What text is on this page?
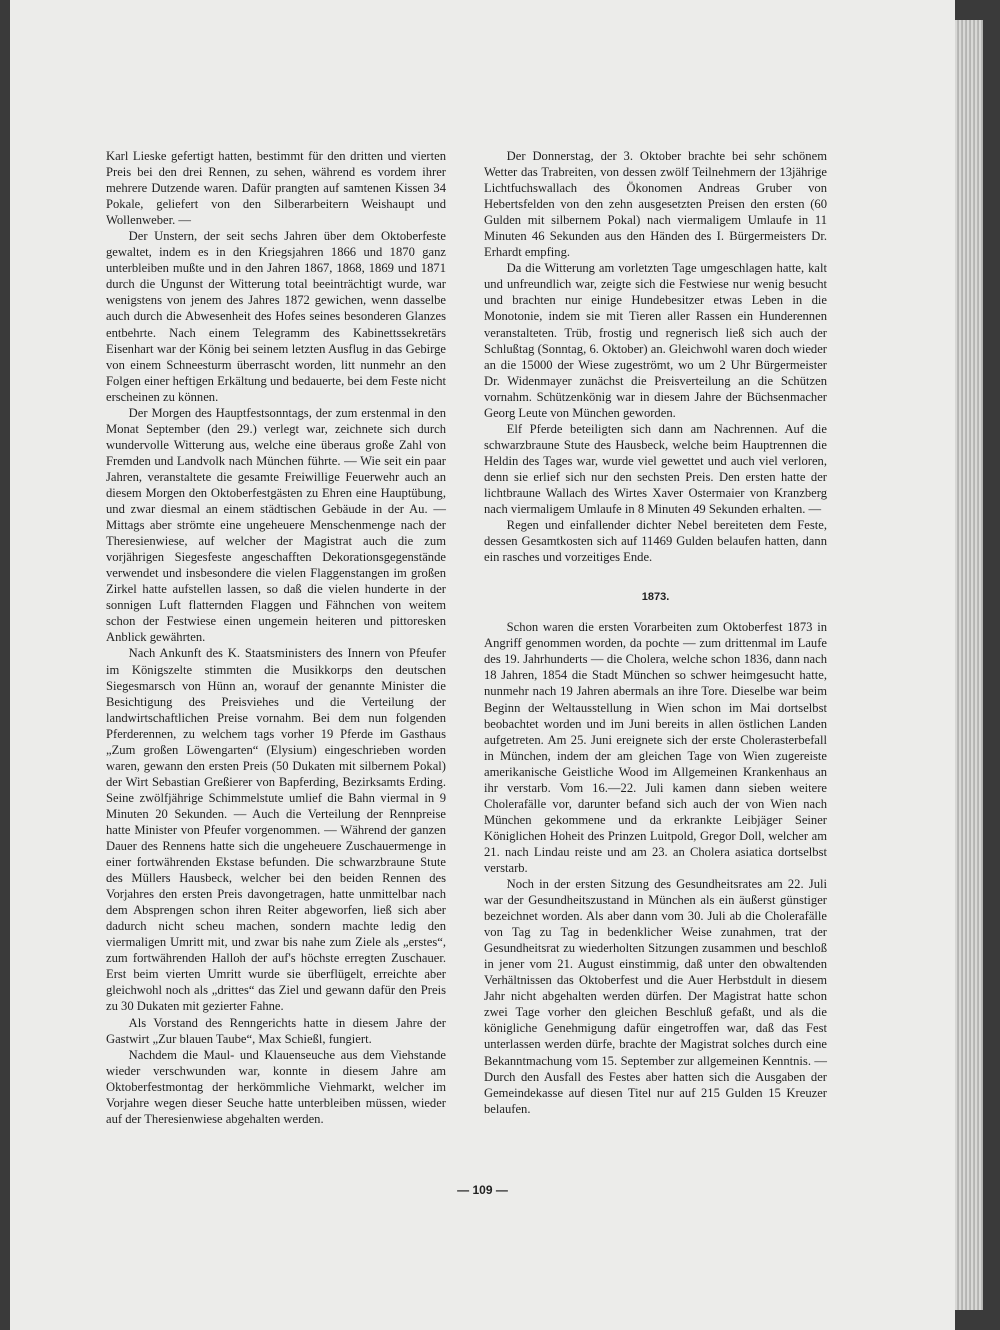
Karl Lieske gefertigt hatten, bestimmt für den dritten und vierten Preis bei den drei Rennen, zu sehen, während es vordem ihrer mehrere Dutzende waren. Dafür prangten auf samtenen Kissen 34 Pokale, geliefert von den Silberarbeitern Weishaupt und Wollenweber. —

Der Unstern, der seit sechs Jahren über dem Oktoberfeste gewaltet, indem es in den Kriegsjahren 1866 und 1870 ganz unterbleiben mußte und in den Jahren 1867, 1868, 1869 und 1871 durch die Ungunst der Witterung total beeinträchtigt wurde, war wenigstens von jenem des Jahres 1872 gewichen, wenn dasselbe auch durch die Abwesenheit des Hofes seines besonderen Glanzes entbehrte. Nach einem Telegramm des Kabinettssekretärs Eisenhart war der König bei seinem letzten Ausflug in das Gebirge von einem Schneesturm überrascht worden, litt nunmehr an den Folgen einer heftigen Erkältung und bedauerte, bei dem Feste nicht erscheinen zu können.

Der Morgen des Hauptfestsonntags, der zum erstenmal in den Monat September (den 29.) verlegt war, zeichnete sich durch wundervolle Witterung aus, welche eine überaus große Zahl von Fremden und Landvolk nach München führte. — Wie seit ein paar Jahren, veranstaltete die gesamte Freiwillige Feuerwehr auch an diesem Morgen den Oktoberfestgästen zu Ehren eine Hauptübung, und zwar diesmal an einem städtischen Gebäude in der Au. — Mittags aber strömte eine ungeheuere Menschenmenge nach der Theresienwiese, auf welcher der Magistrat auch die zum vorjährigen Siegesfeste angeschafften Dekorationsgegenstände verwendet und insbesondere die vielen Flaggenstangen im großen Zirkel hatte aufstellen lassen, so daß die vielen hunderte in der sonnigen Luft flatternden Flaggen und Fähnchen von weitem schon der Festwiese einen ungemein heiteren und pittoresken Anblick gewährten.

Nach Ankunft des K. Staatsministers des Innern von Pfeufer im Königszelte stimmten die Musikkorps den deutschen Siegesmarsch von Hünn an, worauf der genannte Minister die Besichtigung des Preisviehes und die Verteilung der landwirtschaftlichen Preise vornahm. Bei dem nun folgenden Pferderennen, zu welchem tags vorher 19 Pferde im Gasthaus „Zum großen Löwengarten“ (Elysium) eingeschrieben worden waren, gewann den ersten Preis (50 Dukaten mit silbernem Pokal) der Wirt Sebastian Greßierer von Bapferding, Bezirksamts Erding. Seine zwölfjährige Schimmelstute umlief die Bahn viermal in 9 Minuten 20 Sekunden. — Auch die Verteilung der Rennpreise hatte Minister von Pfeufer vorgenommen. — Während der ganzen Dauer des Rennens hatte sich die ungeheuere Zuschauermenge in einer fortwährenden Ekstase befunden. Die schwarzbraune Stute des Müllers Hausbeck, welcher bei den beiden Rennen des Vorjahres den ersten Preis davongetragen, hatte unmittelbar nach dem Absprengen schon ihren Reiter abgeworfen, ließ sich aber dadurch nicht scheu machen, sondern machte ledig den viermaligen Umritt mit, und zwar bis nahe zum Ziele als „erstes“, zum fortwährenden Halloh der auf's höchste erregten Zuschauer. Erst beim vierten Umritt wurde sie überflügelt, erreichte aber gleichwohl noch als „drittes“ das Ziel und gewann dafür den Preis zu 30 Dukaten mit gezierter Fahne.

Als Vorstand des Renngerichts hatte in diesem Jahre der Gastwirt „Zur blauen Taube“, Max Schießl, fungiert.

Nachdem die Maul- und Klauenseuche aus dem Viehstande wieder verschwunden war, konnte in diesem Jahre am Oktoberfestmontag der herkömmliche Viehmarkt, welcher im Vorjahre wegen dieser Seuche hatte unterbleiben müssen, wieder auf der Theresienwiese abgehalten werden.

Der Donnerstag, der 3. Oktober brachte bei sehr schönem Wetter das Trabreiten, von dessen zwölf Teilnehmern der 13jährige Lichtfuchswallach des Ökonomen Andreas Gruber von Hebertsfelden von den zehn ausgesetzten Preisen den ersten (60 Gulden mit silbernem Pokal) nach viermaligem Umlaufe in 11 Minuten 46 Sekunden aus den Händen des I. Bürgermeisters Dr. Erhardt empfing.

Da die Witterung am vorletzten Tage umgeschlagen hatte, kalt und unfreundlich war, zeigte sich die Festwiese nur wenig besucht und brachten nur einige Hundebesitzer etwas Leben in die Monotonie, indem sie mit Tieren aller Rassen ein Hunderennen veranstalteten. Trüb, frostig und regnerisch ließ sich auch der Schlußtag (Sonntag, 6. Oktober) an. Gleichwohl waren doch wieder an die 15000 der Wiese zugeströmt, wo um 2 Uhr Bürgermeister Dr. Widenmayer zunächst die Preisverteilung an die Schützen vornahm. Schützenkönig war in diesem Jahre der Büchsenmacher Georg Leute von München geworden.

Elf Pferde beteiligten sich dann am Nachrennen. Auf die schwarzbraune Stute des Hausbeck, welche beim Hauptrennen die Heldin des Tages war, wurde viel gewettet und auch viel verloren, denn sie erlief sich nur den sechsten Preis. Den ersten hatte der lichtbraune Wallach des Wirtes Xaver Ostermaier von Kranzberg nach viermaligem Umlaufe in 8 Minuten 49 Sekunden erhalten. —

Regen und einfallender dichter Nebel bereiteten dem Feste, dessen Gesamtkosten sich auf 11469 Gulden belaufen hatten, dann ein rasches und vorzeitiges Ende.

1873.

Schon waren die ersten Vorarbeiten zum Oktoberfest 1873 in Angriff genommen worden, da pochte — zum drittenmal im Laufe des 19. Jahrhunderts — die Cholera, welche schon 1836, dann nach 18 Jahren, 1854 die Stadt München so schwer heimgesucht hatte, nunmehr nach 19 Jahren abermals an ihre Tore. Dieselbe war beim Beginn der Weltausstellung in Wien schon im Mai dortselbst beobachtet worden und im Juni bereits in allen östlichen Landen aufgetreten. Am 25. Juni ereignete sich der erste Cholerasterbefall in München, indem der am gleichen Tage von Wien zugereiste amerikanische Geistliche Wood im Allgemeinen Krankenhaus an ihr verstarb. Vom 16.—22. Juli kamen dann sieben weitere Cholerafälle vor, darunter befand sich auch der von Wien nach München gekommene und da erkrankte Leibjäger Seiner Königlichen Hoheit des Prinzen Luitpold, Gregor Doll, welcher am 21. nach Lindau reiste und am 23. an Cholera asiatica dortselbst verstarb.

Noch in der ersten Sitzung des Gesundheitsrates am 22. Juli war der Gesundheitszustand in München als ein äußerst günstiger bezeichnet worden. Als aber dann vom 30. Juli ab die Cholerafälle von Tag zu Tag in bedenklicher Weise zunahmen, trat der Gesundheitsrat zu wiederholten Sitzungen zusammen und beschloß in jener vom 21. August einstimmig, daß unter den obwaltenden Verhältnissen das Oktoberfest und die Auer Herbstdult in diesem Jahr nicht abgehalten werden dürfen. Der Magistrat hatte schon zwei Tage vorher den gleichen Beschluß gefaßt, und als die königliche Genehmigung dafür eingetroffen war, daß das Fest unterlassen werden dürfe, brachte der Magistrat solches durch eine Bekanntmachung vom 15. September zur allgemeinen Kenntnis. — Durch den Ausfall des Festes aber hatten sich die Ausgaben der Gemeindekasse auf diesen Titel nur auf 215 Gulden 15 Kreuzer belaufen.

— 109 —
